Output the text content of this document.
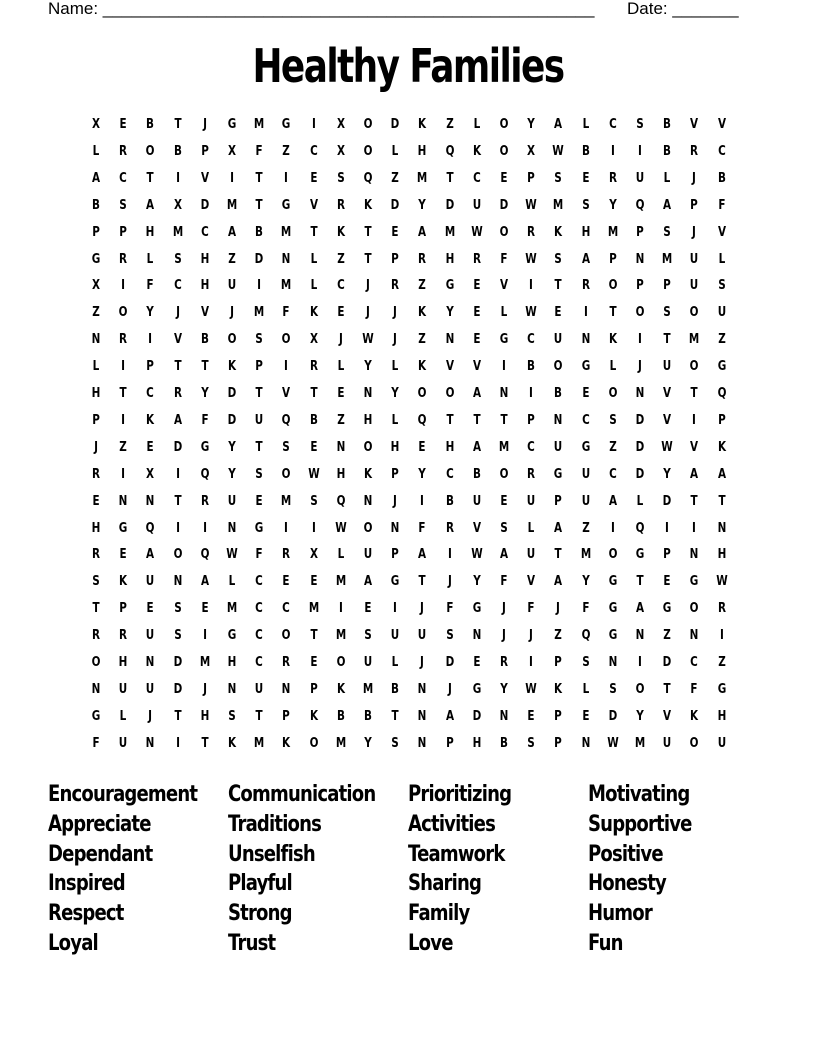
Name: ____________________________________________________ Date: _______
Healthy Families
X	E	B	T	J	G	M	G	I	X	O	D	K	Z	L	O	Y	A	L	C	S	B	V	V
L	R	O	B	P	X	F	Z	C	X	O	L	H	Q	K	O	X	W	B	I	I	B	R	C
A	C	T	I	V	I	T	I	E	S	Q	Z	M	T	C	E	P	S	E	R	U	L	J	B
B	S	A	X	D	M	T	G	V	R	K	D	Y	D	U	D	W	M	S	Y	Q	A	P	F
P	P	H	M	C	A	B	M	T	K	T	E	A	M	W	O	R	K	H	M	P	S	J	V
G	R	L	S	H	Z	D	N	L	Z	T	P	R	H	R	F	W	S	A	P	N	M	U	L
X	I	F	C	H	U	I	M	L	C	J	R	Z	G	E	V	I	T	R	O	P	P	U	S
Z	O	Y	J	V	J	M	F	K	E	J	J	K	Y	E	L	W	E	I	T	O	S	O	U
N	R	I	V	B	O	S	O	X	J	W	J	Z	N	E	G	C	U	N	K	I	T	M	Z
L	I	P	T	T	K	P	I	R	L	Y	L	K	V	V	I	B	O	G	L	J	U	O	G
H	T	C	R	Y	D	T	V	T	E	N	Y	O	O	A	N	I	B	E	O	N	V	T	Q
P	I	K	A	F	D	U	Q	B	Z	H	L	Q	T	T	T	P	N	C	S	D	V	I	P
J	Z	E	D	G	Y	T	S	E	N	O	H	E	H	A	M	C	U	G	Z	D	W	V	K
R	I	X	I	Q	Y	S	O	W	H	K	P	Y	C	B	O	R	G	U	C	D	Y	A	A
E	N	N	T	R	U	E	M	S	Q	N	J	I	B	U	E	U	P	U	A	L	D	T	T
H	G	Q	I	I	N	G	I	I	W	O	N	F	R	V	S	L	A	Z	I	Q	I	I	N
R	E	A	O	Q	W	F	R	X	L	U	P	A	I	W	A	U	T	M	O	G	P	N	H
S	K	U	N	A	L	C	E	E	M	A	G	T	J	Y	F	V	A	Y	G	T	E	G	W
T	P	E	S	E	M	C	C	M	I	E	I	J	F	G	J	F	J	F	G	A	G	O	R
R	R	U	S	I	G	C	O	T	M	S	U	U	S	N	J	J	Z	Q	G	N	Z	N	I
O	H	N	D	M	H	C	R	E	O	U	L	J	D	E	R	I	P	S	N	I	D	C	Z
N	U	U	D	J	N	U	N	P	K	M	B	N	J	G	Y	W	K	L	S	O	T	F	G
G	L	J	T	H	S	T	P	K	B	B	T	N	A	D	N	E	P	E	D	Y	V	K	H
F	U	N	I	T	K	M	K	O	M	Y	S	N	P	H	B	S	P	N	W	M	U	O	U
Encouragement Communication Prioritizing	Motivating
Appreciate	Traditions	Activities	Supportive
Dependant	Unselfish	Teamwork	Positive
Inspired	Playful	Sharing	Honesty
Respect	Strong	Family	Humor
Loyal	Trust	Love	Fun
